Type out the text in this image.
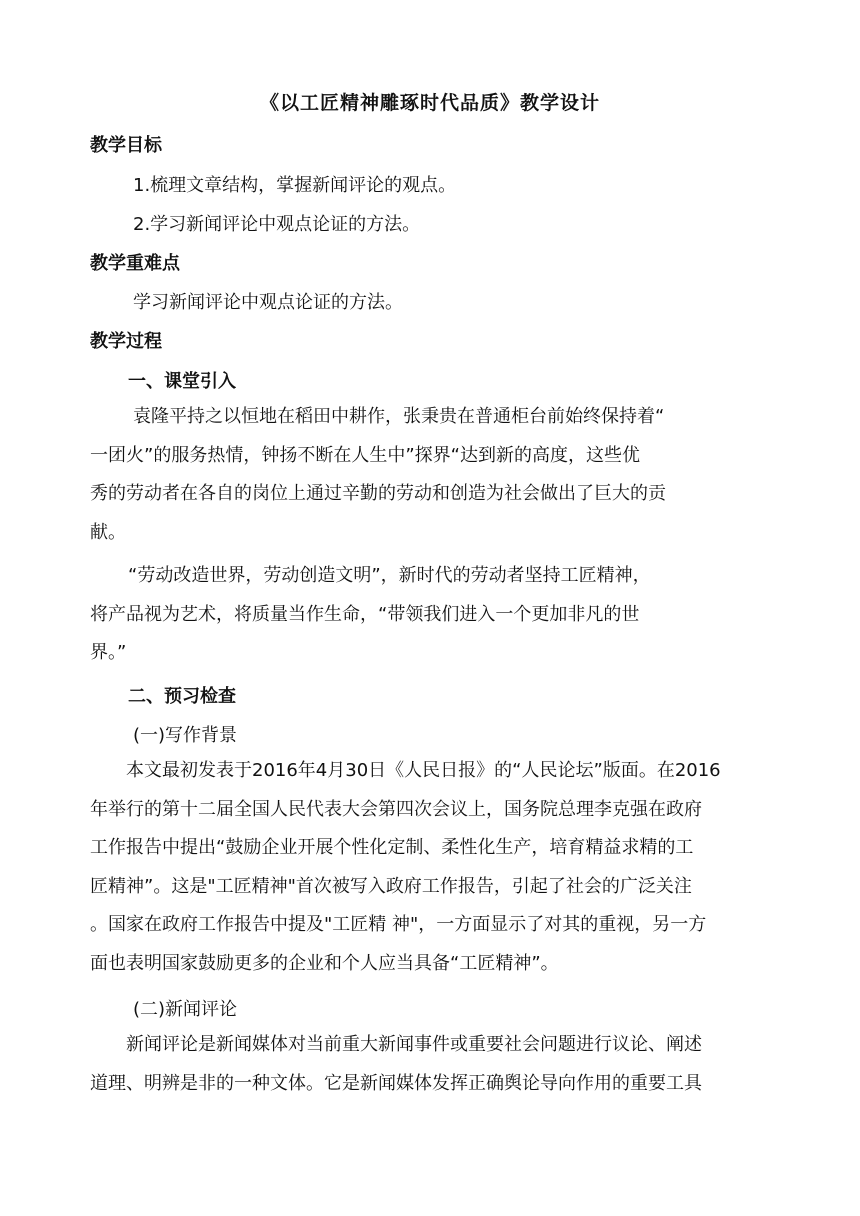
《以工匠精神雕琢时代品质》教学设计
教学目标
1.梳理文章结构，掌握新闻评论的观点。
2.学习新闻评论中观点论证的方法。
教学重难点
学习新闻评论中观点论证的方法。
教学过程
一、课堂引入
袁隆平持之以恒地在稻田中耕作，张秉贵在普通柜台前始终保持着“
一团火”的服务热情，钟扬不断在人生中”探界“达到新的高度，这些优
秀的劳动者在各自的岗位上通过辛勤的劳动和创造为社会做出了巨大的贡
献。
“劳动改造世界，劳动创造文明”，新时代的劳动者坚持工匠精神，
将产品视为艺术，将质量当作生命，“带领我们进入一个更加非凡的世
界。”
二、预习检查
(一)写作背景
本文最初发表于2016年4月30日《人民日报》的“人民论坛”版面。在2016
年举行的第十二届全国人民代表大会第四次会议上，国务院总理李克强在政府
工作报告中提出“鼓励企业开展个性化定制、柔性化生产，培育精益求精的工
匠精神”。这是"工匠精神"首次被写入政府工作报告，引起了社会的广泛关注
。国家在政府工作报告中提及"工匠精 神"，一方面显示了对其的重视，另一方
面也表明国家鼓励更多的企业和个人应当具备“工匠精神”。
(二)新闻评论
新闻评论是新闻媒体对当前重大新闻事件或重要社会问题进行议论、阐述
道理、明辨是非的一种文体。它是新闻媒体发挥正确舆论导向作用的重要工具
